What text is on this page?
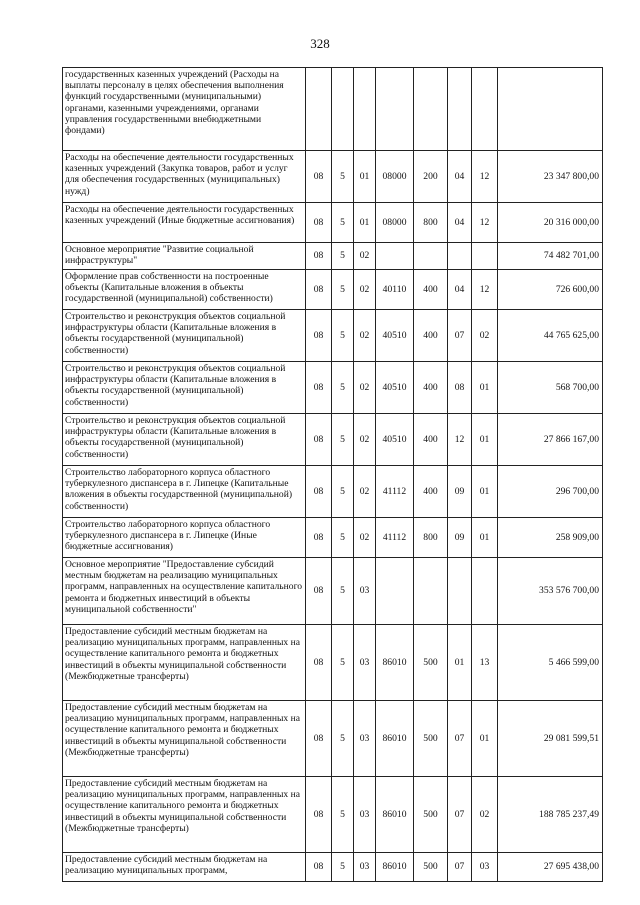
328
государственных казенных учреждений (Расходы на выплаты персоналу в целях обеспечения выполнения функций государственными (муниципальными) органами, казенными учреждениями, органами управления государственными внебюджетными фондами)								
Расходы на обеспечение деятельности государственных казенных учреждений (Закупка товаров, работ и услуг для обеспечения государственных (муниципальных) нужд)	08	5	01	08000	200	04	12	23 347 800,00
Расходы на обеспечение деятельности государственных казенных учреждений (Иные бюджетные ассигнования)	08	5	01	08000	800	04	12	20 316 000,00
Основное мероприятие "Развитие социальной инфраструктуры"	08	5	02					74 482 701,00
Оформление прав собственности на построенные объекты (Капитальные вложения в объекты государственной (муниципальной) собственности)	08	5	02	40110	400	04	12	726 600,00
Строительство и реконструкция объектов социальной инфраструктуры области (Капитальные вложения в объекты государственной (муниципальной) собственности)	08	5	02	40510	400	07	02	44 765 625,00
Строительство и реконструкция объектов социальной инфраструктуры области (Капитальные вложения в объекты государственной (муниципальной) собственности)	08	5	02	40510	400	08	01	568 700,00
Строительство и реконструкция объектов социальной инфраструктуры области (Капитальные вложения в объекты государственной (муниципальной) собственности)	08	5	02	40510	400	12	01	27 866 167,00
Строительство лабораторного корпуса областного туберкулезного диспансера в г. Липецке (Капитальные вложения в объекты государственной (муниципальной) собственности)	08	5	02	41112	400	09	01	296 700,00
Строительство лабораторного корпуса областного туберкулезного диспансера в г. Липецке (Иные бюджетные ассигнования)	08	5	02	41112	800	09	01	258 909,00
Основное мероприятие "Предоставление субсидий местным бюджетам на реализацию муниципальных программ, направленных на осуществление капитального ремонта и бюджетных инвестиций в объекты муниципальной собственности"	08	5	03					353 576 700,00
Предоставление субсидий местным бюджетам на реализацию муниципальных программ, направленных на осуществление капитального ремонта и бюджетных инвестиций в объекты муниципальной собственности (Межбюджетные трансферты)	08	5	03	86010	500	01	13	5 466 599,00
Предоставление субсидий местным бюджетам на реализацию муниципальных программ, направленных на осуществление капитального ремонта и бюджетных инвестиций в объекты муниципальной собственности (Межбюджетные трансферты)	08	5	03	86010	500	07	01	29 081 599,51
Предоставление субсидий местным бюджетам на реализацию муниципальных программ, направленных на осуществление капитального ремонта и бюджетных инвестиций в объекты муниципальной собственности (Межбюджетные трансферты)	08	5	03	86010	500	07	02	188 785 237,49
Предоставление субсидий местным бюджетам на реализацию муниципальных программ,	08	5	03	86010	500	07	03	27 695 438,00
